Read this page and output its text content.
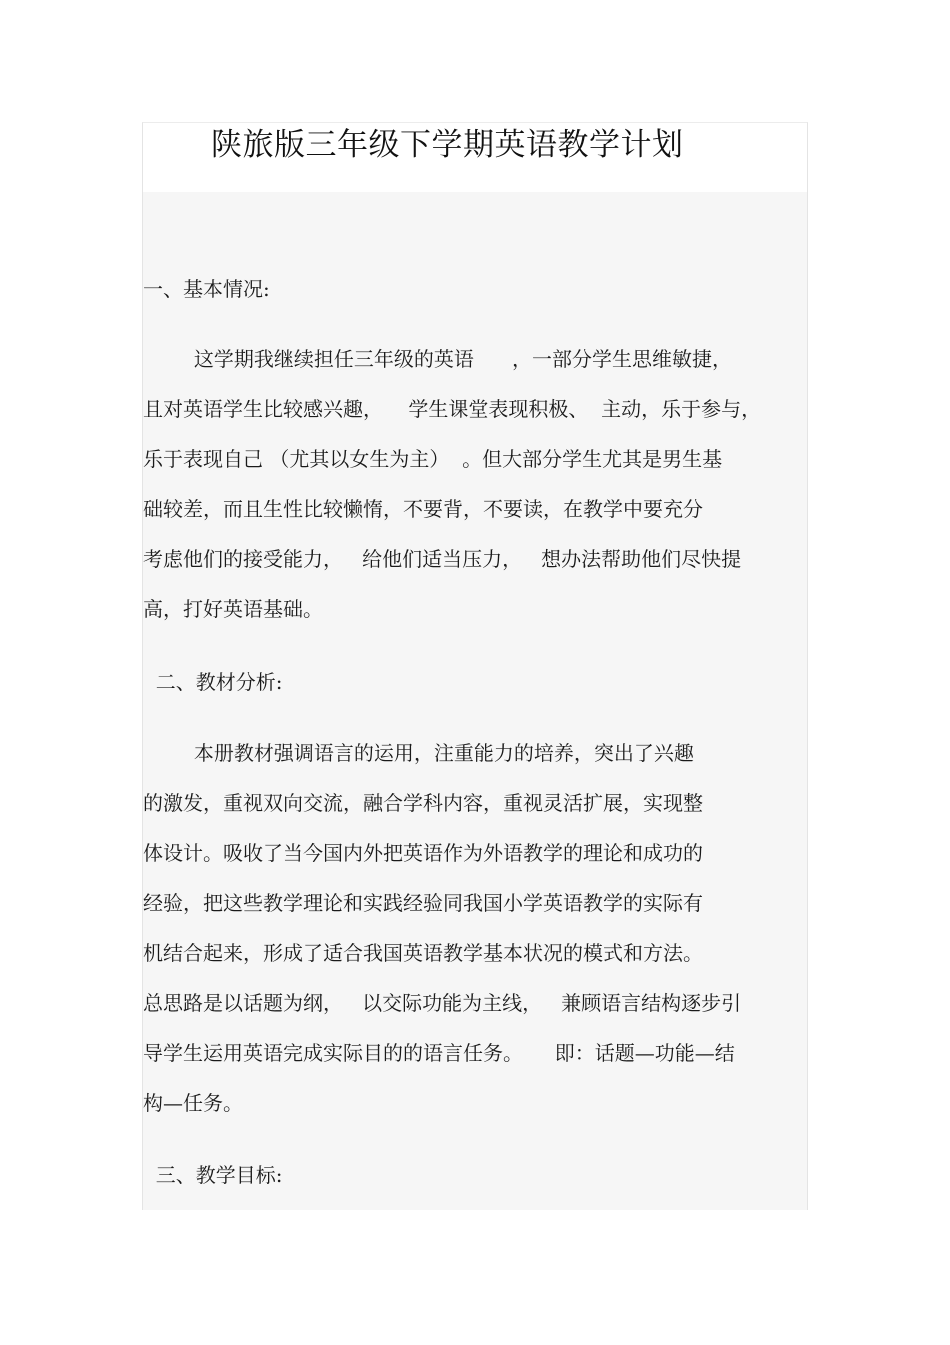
陕旅版三年级下学期英语教学计划
一、基本情况:
这学期我继续担任三年级的英语      ，一部分学生思维敏捷，
且对英语学生比较感兴趣，    学生课堂表现积极、  主动，乐于参与，
乐于表现自己 （尤其以女生为主）  。但大部分学生尤其是男生基
础较差，而且生性比较懒惰，不要背，不要读，在教学中要充分
考虑他们的接受能力，   给他们适当压力，   想办法帮助他们尽快提
高，打好英语基础。
二、教材分析:
本册教材强调语言的运用，注重能力的培养，突出了兴趣
的激发，重视双向交流，融合学科内容，重视灵活扩展，实现整
体设计。吸收了当今国内外把英语作为外语教学的理论和成功的
经验，把这些教学理论和实践经验同我国小学英语教学的实际有
机结合起来，形成了适合我国英语教学基本状况的模式和方法。
总思路是以话题为纲，   以交际功能为主线，   兼顾语言结构逐步引
导学生运用英语完成实际目的的语言任务。     即：话题—功能—结
构—任务。
三、教学目标:
